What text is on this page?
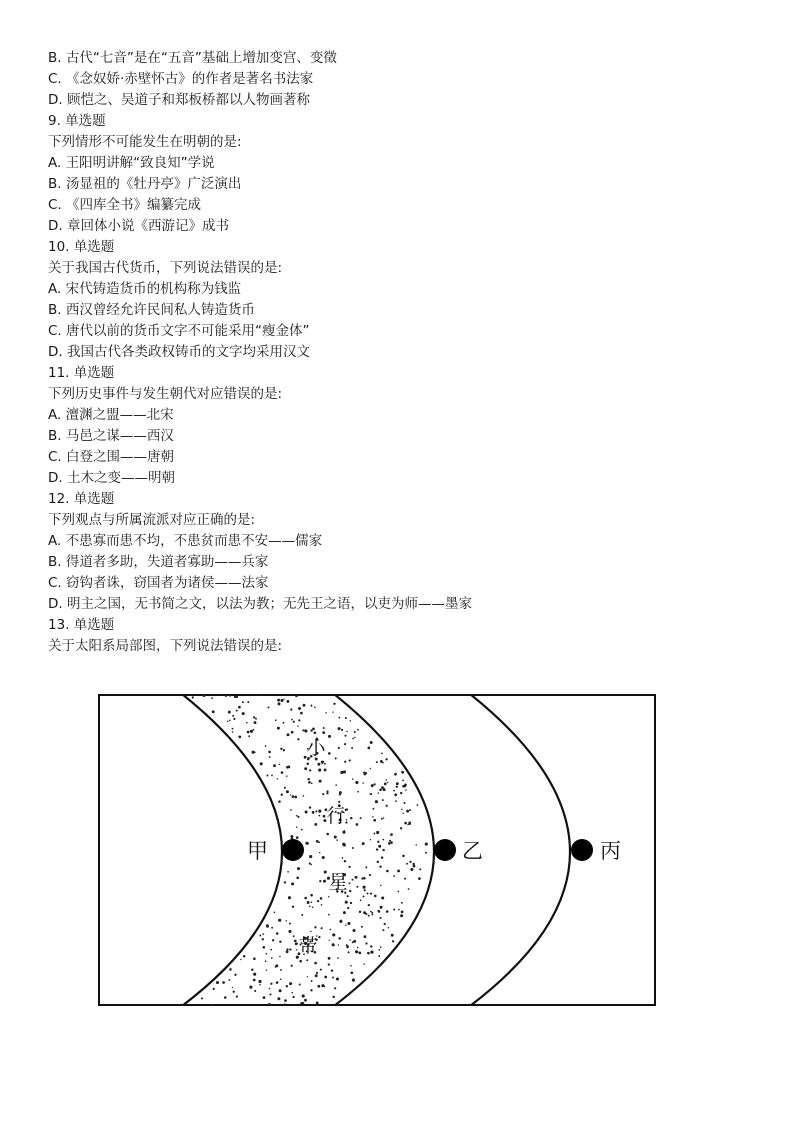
B. 古代“七音”是在“五音”基础上增加变宫、变徵
C. 《念奴娇·赤壁怀古》的作者是著名书法家
D. 顾恺之、吴道子和郑板桥都以人物画著称
9. 单选题
下列情形不可能发生在明朝的是:
A. 王阳明讲解“致良知”学说
B. 汤显祖的《牡丹亭》广泛演出
C. 《四库全书》编纂完成
D. 章回体小说《西游记》成书
10. 单选题
关于我国古代货币，下列说法错误的是:
A. 宋代铸造货币的机构称为钱监
B. 西汉曾经允许民间私人铸造货币
C. 唐代以前的货币文字不可能采用“瘦金体”
D. 我国古代各类政权铸币的文字均采用汉文
11. 单选题
下列历史事件与发生朝代对应错误的是:
A. 澶渊之盟——北宋
B. 马邑之谋——西汉
C. 白登之围——唐朝
D. 土木之变——明朝
12. 单选题
下列观点与所属流派对应正确的是:
A. 不患寡而患不均，不患贫而患不安——儒家
B. 得道者多助，失道者寡助——兵家
C. 窃钩者诛，窃国者为诸侯——法家
D. 明主之国，无书简之文，以法为教；无先王之语，以吏为师——墨家
13. 单选题
关于太阳系局部图，下列说法错误的是:
小
行
星
带
甲	乙	丙
